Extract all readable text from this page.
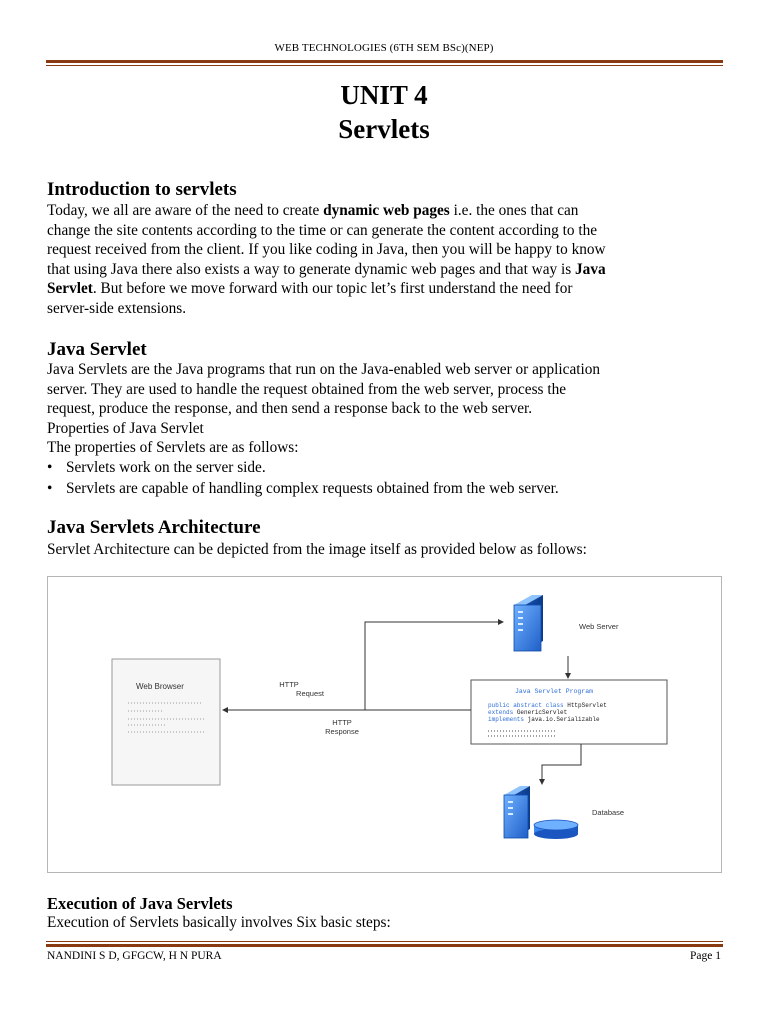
WEB TECHNOLOGIES (6TH SEM BSc)(NEP)
UNIT 4
Servlets
Introduction to servlets
Today, we all are aware of the need to create dynamic web pages i.e. the ones that can
change the site contents according to the time or can generate the content according to the
request received from the client. If you like coding in Java, then you will be happy to know
that using Java there also exists a way to generate dynamic web pages and that way is Java
Servlet. But before we move forward with our topic let’s first understand the need for
server-side extensions.
Java Servlet
Java Servlets are the Java programs that run on the Java-enabled web server or application
server. They are used to handle the request obtained from the web server, process the
request, produce the response, and then send a response back to the web server.
Properties of Java Servlet
The properties of Servlets are as follows:
• Servlets work on the server side.
• Servlets are capable of handling complex requests obtained from the web server.
Java Servlets Architecture
Servlet Architecture can be depicted from the image itself as provided below as follows:
Web Browser
Web Server
Java Servlet Program
public abstract class HttpServlet
extends GenericServlet
implements java.io.Serializable
Database
HTTP Request
HTTP Response
Execution of Java Servlets
Execution of Servlets basically involves Six basic steps:
NANDINI S D, GFGCW, H N PURA	Page 1
